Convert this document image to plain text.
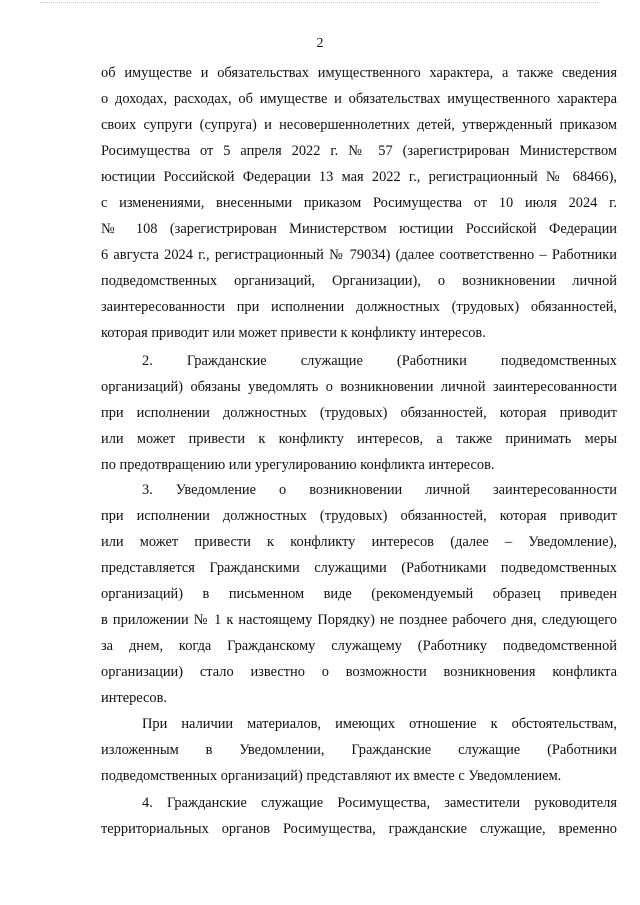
2
об имуществе и обязательствах имущественного характера, а также сведения
о доходах, расходах, об имуществе и обязательствах имущественного характера
своих супруги (супруга) и несовершеннолетних детей, утвержденный приказом
Росимущества от 5 апреля 2022 г. № 57 (зарегистрирован Министерством
юстиции Российской Федерации 13 мая 2022 г., регистрационный № 68466),
с изменениями, внесенными приказом Росимущества от 10 июля 2024 г.
№ 108 (зарегистрирован Министерством юстиции Российской Федерации
6 августа 2024 г., регистрационный № 79034) (далее соответственно – Работники
подведомственных организаций, Организации), о возникновении личной
заинтересованности при исполнении должностных (трудовых) обязанностей,
которая приводит или может привести к конфликту интересов.
2. Гражданские служащие (Работники подведомственных
организаций) обязаны уведомлять о возникновении личной заинтересованности
при исполнении должностных (трудовых) обязанностей, которая приводит
или может привести к конфликту интересов, а также принимать меры
по предотвращению или урегулированию конфликта интересов.
3. Уведомление о возникновении личной заинтересованности
при исполнении должностных (трудовых) обязанностей, которая приводит
или может привести к конфликту интересов (далее – Уведомление),
представляется Гражданскими служащими (Работниками подведомственных
организаций) в письменном виде (рекомендуемый образец приведен
в приложении № 1 к настоящему Порядку) не позднее рабочего дня, следующего
за днем, когда Гражданскому служащему (Работнику подведомственной
организации) стало известно о возможности возникновения конфликта
интересов.
При наличии материалов, имеющих отношение к обстоятельствам,
изложенным в Уведомлении, Гражданские служащие (Работники
подведомственных организаций) представляют их вместе с Уведомлением.
4. Гражданские служащие Росимущества, заместители руководителя
территориальных органов Росимущества, гражданские служащие, временно
